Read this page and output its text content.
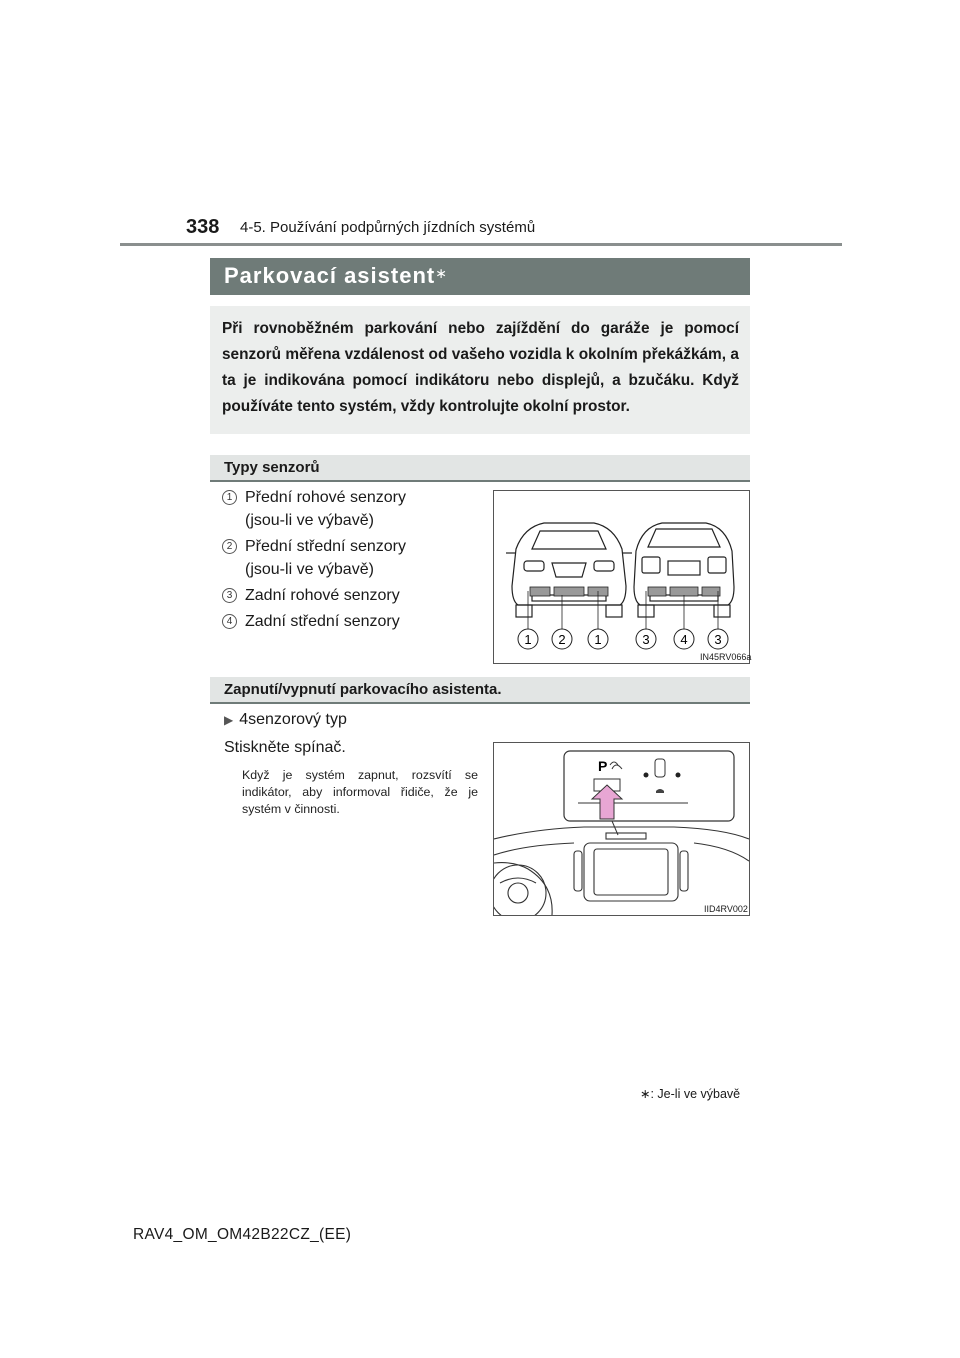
338 4-5. Používání podpůrných jízdních systémů
Parkovací asistent ∗
Při rovnoběžném parkování nebo zajíždění do garáže je pomocí senzorů měřena vzdálenost od vašeho vozidla k okolním překážkám, a ta je indikována pomocí indikátoru nebo displejů, a bzučáku. Když používáte tento systém, vždy kontrolujte okolní prostor.
Typy senzorů
1 Přední rohové senzory
(jsou-li ve výbavě)
2 Přední střední senzory
(jsou-li ve výbavě)
3 Zadní rohové senzory
4 Zadní střední senzory
1 2 1	3 4 3
IN45RV066a
Zapnutí/vypnutí parkovacího asistenta.
▶ 4senzorový typ
Stiskněte spínač.
Když je systém zapnut, rozsvítí se indikátor, aby informoval řidiče, že je systém v činnosti.
P
IID4RV002
∗: Je-li ve výbavě
RAV4_OM_OM42B22CZ_(EE)
